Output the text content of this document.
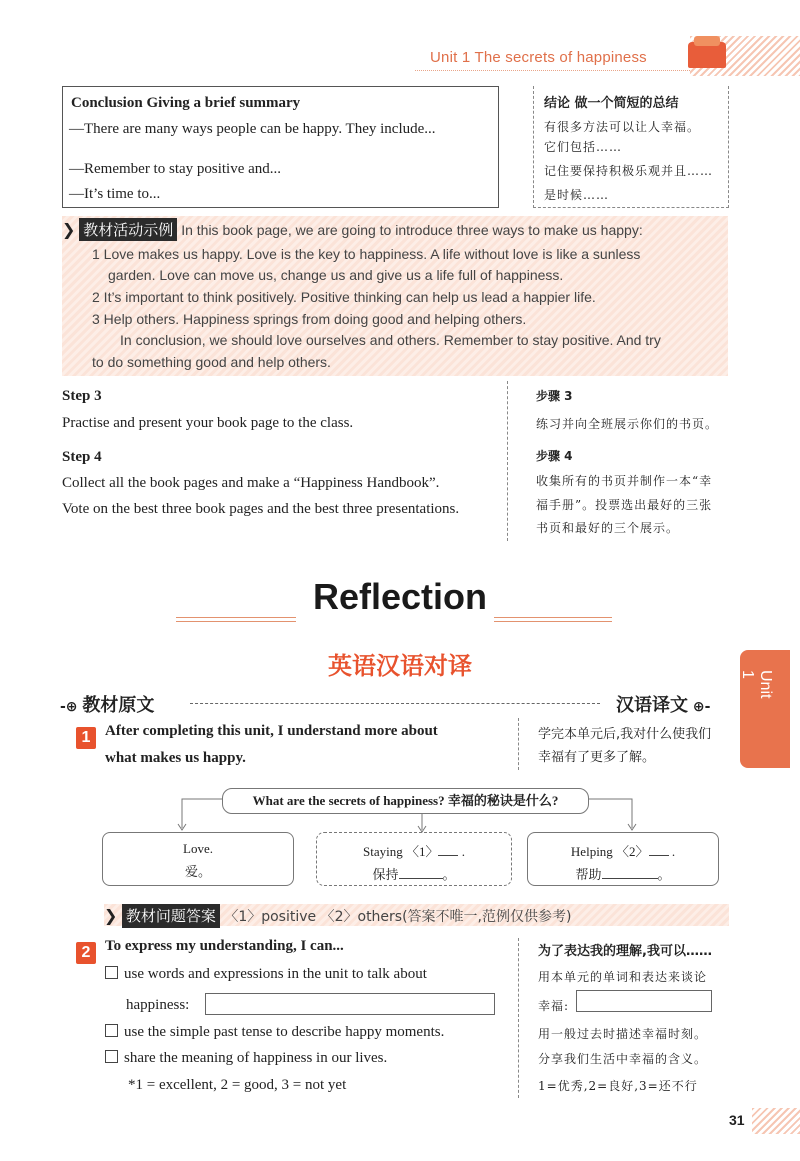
Unit 1 The secrets of happiness
Conclusion Giving a brief summary
—There are many ways people can be happy. They include...
—Remember to stay positive and...
—It’s time to...
结论 做一个简短的总结
有很多方法可以让人幸福。
它们包括……
记住要保持积极乐观并且……
是时候……
❯ 教材活动示例 In this book page, we are going to introduce three ways to make us happy:
1 Love makes us happy. Love is the key to happiness. A life without love is like a sunless
garden. Love can move us, change us and give us a life full of happiness.
2 It’s important to think positively. Positive thinking can help us lead a happier life.
3 Help others. Happiness springs from doing good and helping others.
In conclusion, we should love ourselves and others. Remember to stay positive. And try
to do something good and help others.
Step 3
Practise and present your book page to the class.
Step 4
Collect all the book pages and make a “Happiness Handbook”.
Vote on the best three book pages and the best three presentations.
步骤 3
练习并向全班展示你们的书页。
步骤 4
收集所有的书页并制作一本“幸
福手册”。投票选出最好的三张
书页和最好的三个展示。
Reflection
英语汉语对译
Unit 1
-⊕ 教材原文	汉语译文 ⊕-
1 After completing this unit, I understand more about
what makes us happy.
学完本单元后,我对什么使我们
幸福有了更多了解。
What are the secrets of happiness? 幸福的秘诀是什么?
Love.
爱。
Staying 〈1〉 .
保持	。
Helping 〈2〉 .
帮助	。
❯ 教材问题答案 〈1〉positive 〈2〉others(答案不唯一,范例仅供参考)
2 To express my understanding, I can...
use words and expressions in the unit to talk about
happiness:
use the simple past tense to describe happy moments.
share the meaning of happiness in our lives.
*1 = excellent, 2 = good, 3 = not yet
为了表达我的理解,我可以……
用本单元的单词和表达来谈论
幸福:
用一般过去时描述幸福时刻。
分享我们生活中幸福的含义。
1=优秀,2=良好,3=还不行
31
